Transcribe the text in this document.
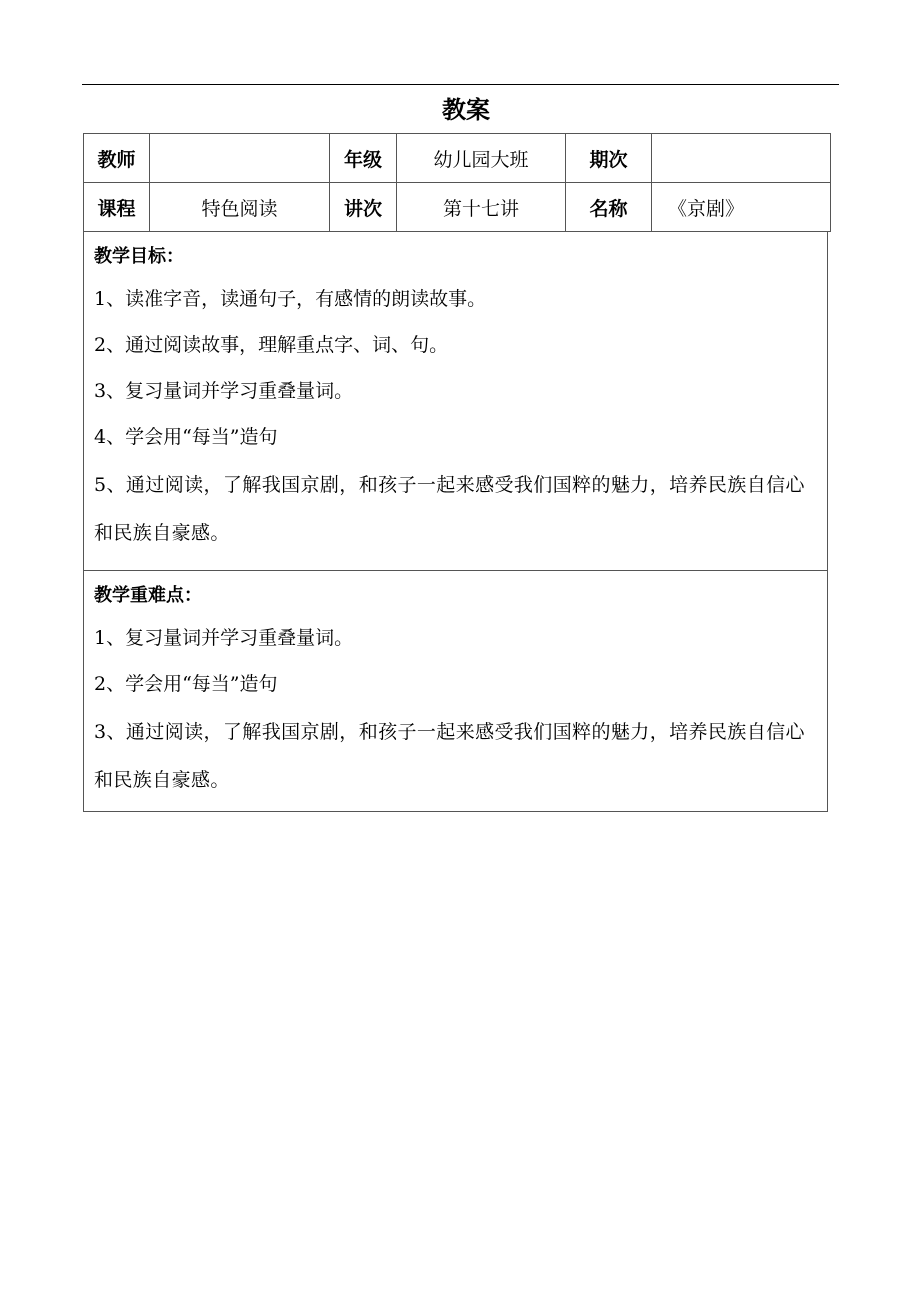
教案
教师		年级	幼儿园大班	期次	
课程	特色阅读	讲次	第十七讲	名称	《京剧》
教学目标：
1、读准字音，读通句子，有感情的朗读故事。
2、通过阅读故事，理解重点字、词、句。
3、复习量词并学习重叠量词。
4、学会用“每当”造句
5、通过阅读，了解我国京剧，和孩子一起来感受我们国粹的魅力，培养民族自信心和民族自豪感。
教学重难点：
1、复习量词并学习重叠量词。
2、学会用“每当”造句
3、通过阅读，了解我国京剧，和孩子一起来感受我们国粹的魅力，培养民族自信心和民族自豪感。
